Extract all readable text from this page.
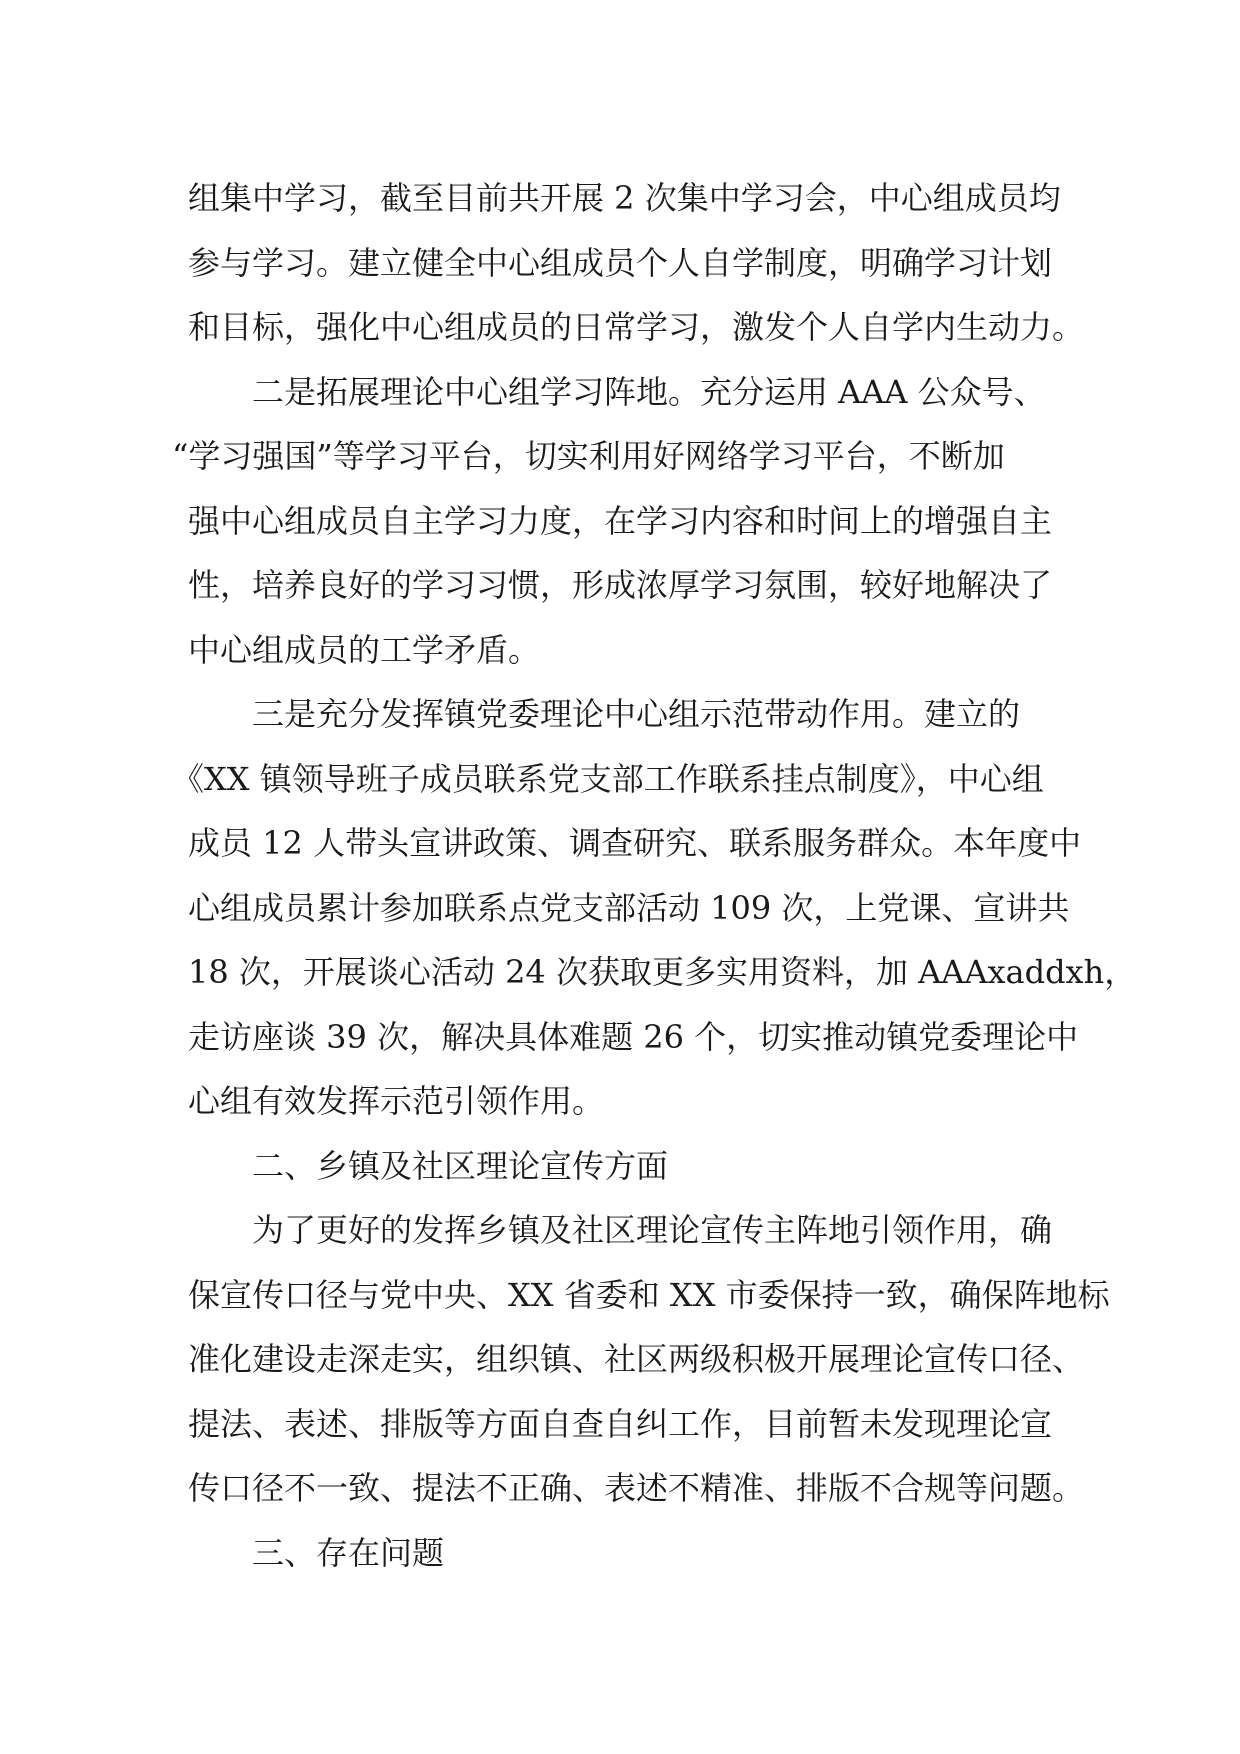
组集中学习，截至目前共开展 2 次集中学习会，中心组成员均
参与学习。建立健全中心组成员个人自学制度，明确学习计划
和目标，强化中心组成员的日常学习，激发个人自学内生动力。
二是拓展理论中心组学习阵地。充分运用 AAA 公众号、
“学习强国”等学习平台，切实利用好网络学习平台，不断加
强中心组成员自主学习力度，在学习内容和时间上的增强自主
性，培养良好的学习习惯，形成浓厚学习氛围，较好地解决了
中心组成员的工学矛盾。
三是充分发挥镇党委理论中心组示范带动作用。建立的
《XX 镇领导班子成员联系党支部工作联系挂点制度》，中心组
成员 12 人带头宣讲政策、调查研究、联系服务群众。本年度中
心组成员累计参加联系点党支部活动 109 次，上党课、宣讲共
18 次，开展谈心活动 24 次获取更多实用资料，加 AAAxaddxh，
走访座谈 39 次，解决具体难题 26 个，切实推动镇党委理论中
心组有效发挥示范引领作用。
二、乡镇及社区理论宣传方面
为了更好的发挥乡镇及社区理论宣传主阵地引领作用，确
保宣传口径与党中央、XX 省委和 XX 市委保持一致，确保阵地标
准化建设走深走实，组织镇、社区两级积极开展理论宣传口径、
提法、表述、排版等方面自查自纠工作，目前暂未发现理论宣
传口径不一致、提法不正确、表述不精准、排版不合规等问题。
三、存在问题
